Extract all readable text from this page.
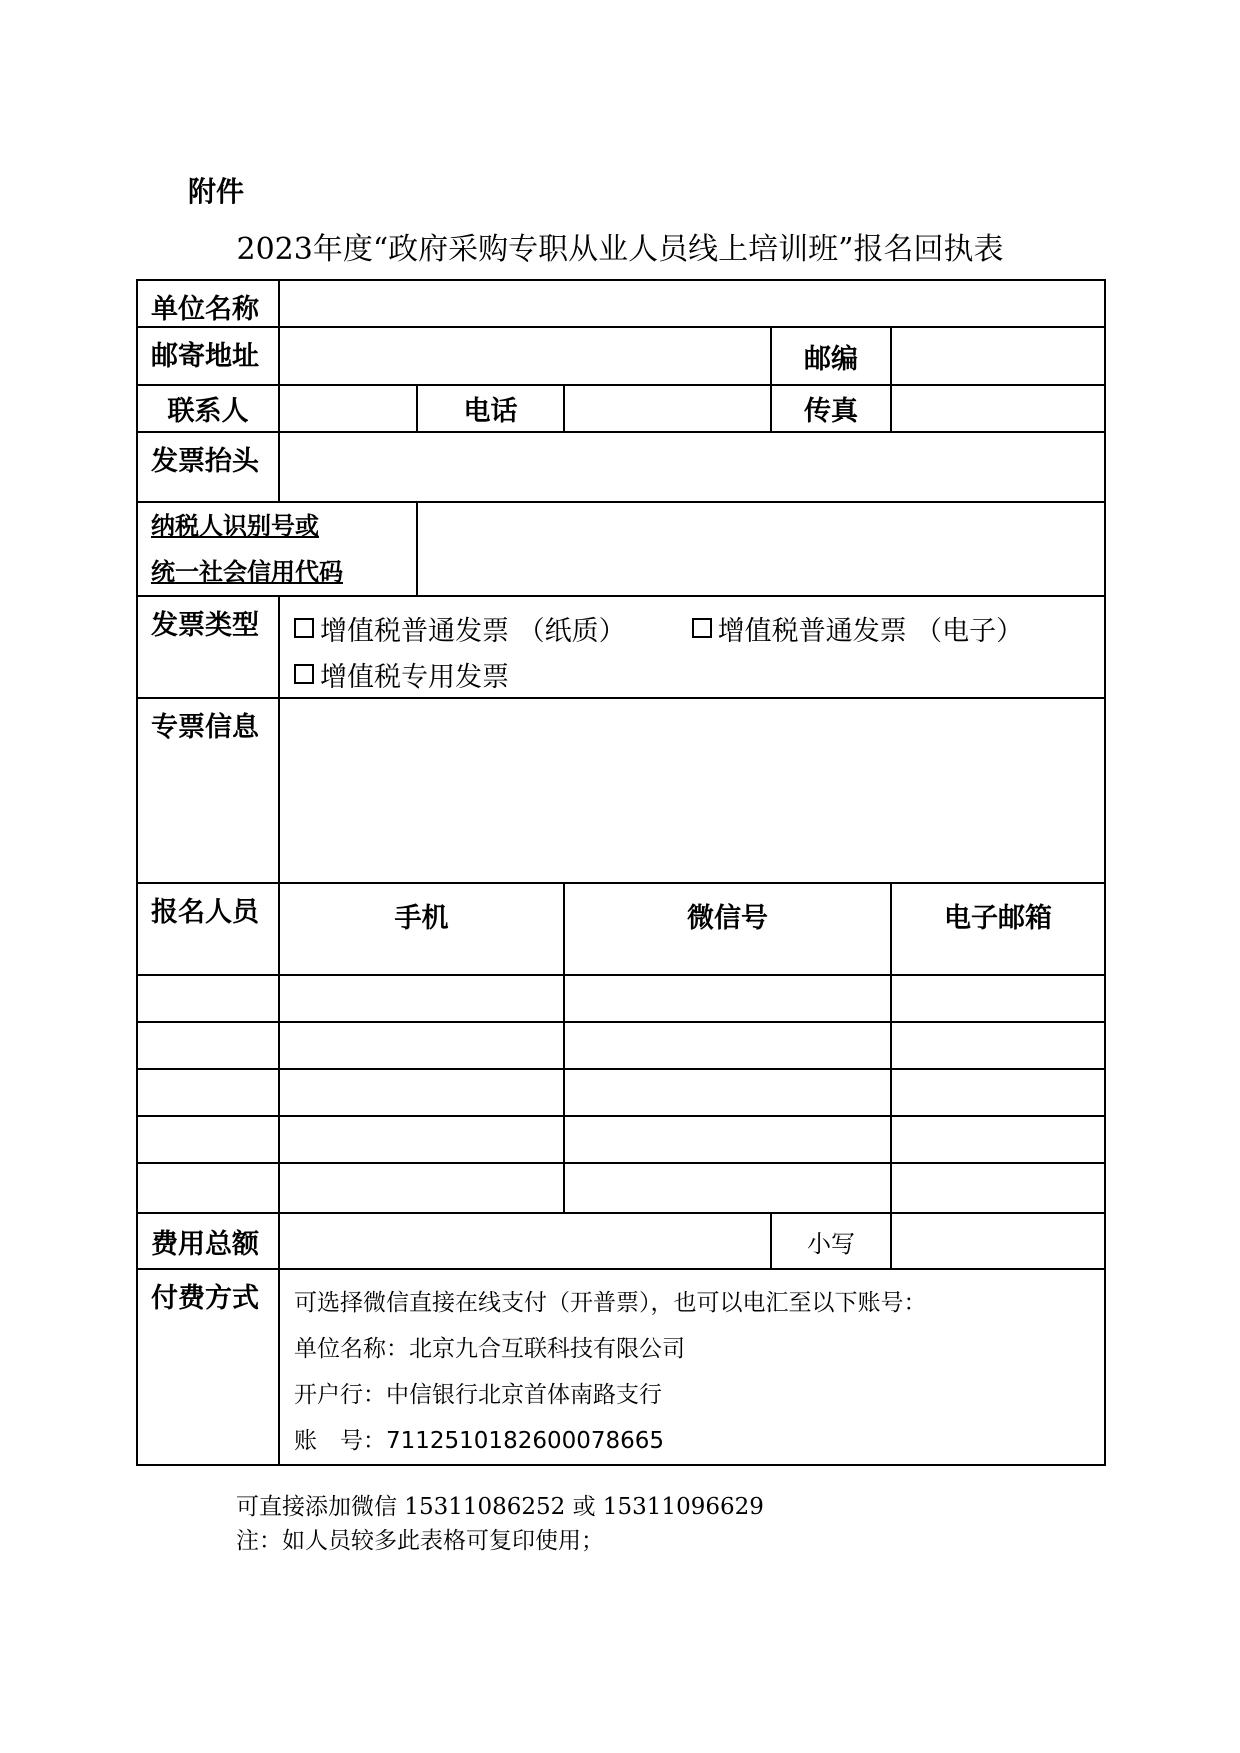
附件
2023年度“政府采购专职从业人员线上培训班”报名回执表
单位名称					
邮寄地址				邮编	
联系人		电话		传真	
发票抬头					

纳税人识别号或
统一社会信用代码					

发票类型	增值税普通发票 （纸质） 增值税普通发票 （电子）
增值税专用发票				

专票信息					
报名人员	手机		微信号		电子邮箱

费用总额				小写	
付费方式	可选择微信直接在线支付（开普票），也可以电汇至以下账号：
单位名称：北京九合互联科技有限公司
开户行：中信银行北京首体南路支行
账　号：7112510182600078665				
可直接添加微信 15311086252 或 15311096629
注：如人员较多此表格可复印使用；
